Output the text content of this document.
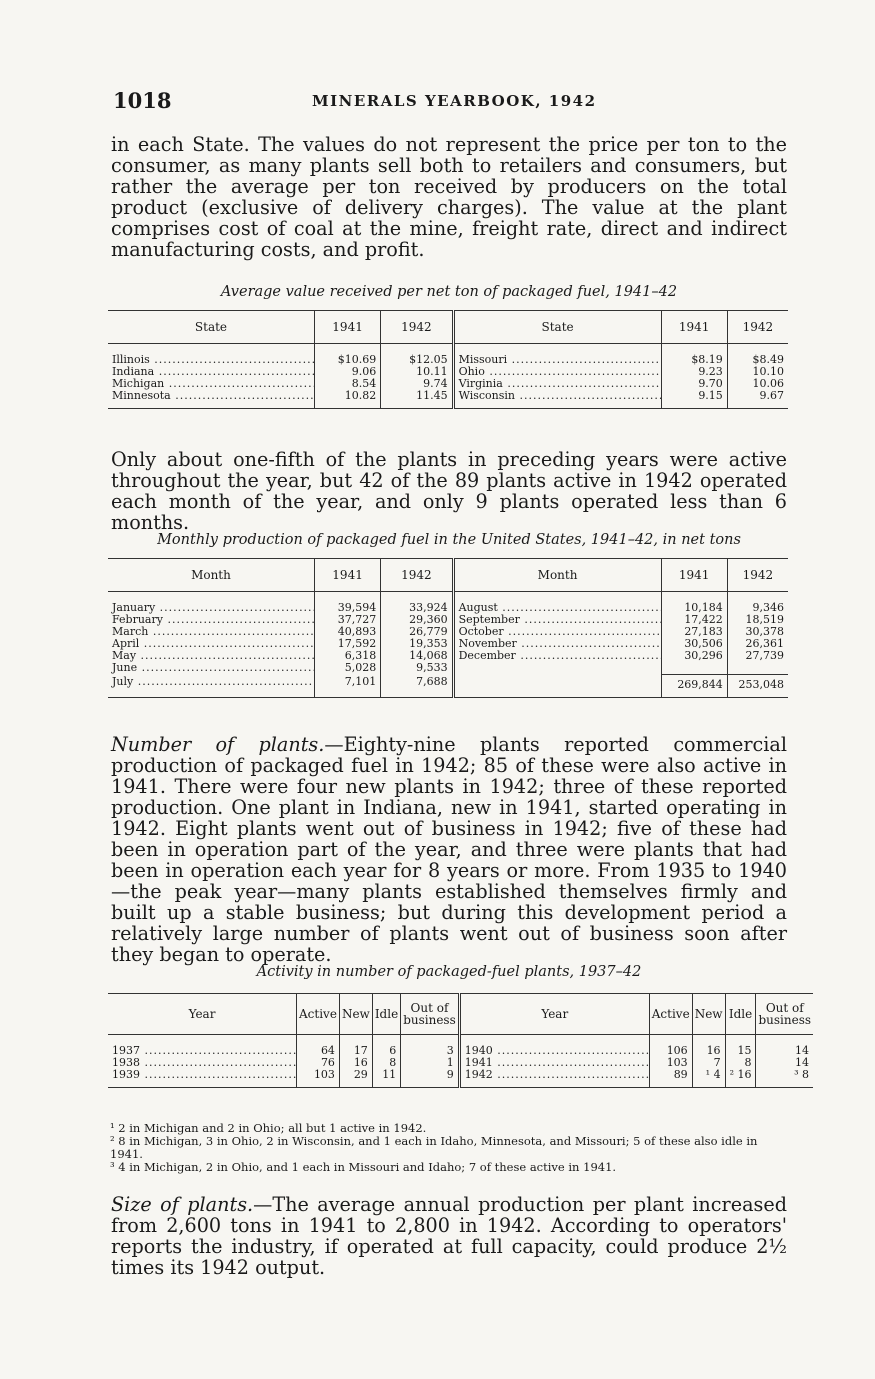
1018	MINERALS YEARBOOK, 1942
in each State. The values do not represent the price per ton to the consumer, as many plants sell both to retailers and consumers, but rather the average per ton received by producers on the total product (exclusive of delivery charges). The value at the plant comprises cost of coal at the mine, freight rate, direct and indirect manufacturing costs, and profit.
Average value received per net ton of packaged fuel, 1941–42
State	1941	1942	State	1941	1942
Illinois .....	$10.69	$12.05	Missouri .....	$8.19	$8.49
Indiana .....	9.06	10.11	Ohio .....	9.23	10.10
Michigan .....	8.54	9.74	Virginia .....	9.70	10.06
Minnesota .....	10.82	11.45	Wisconsin .....	9.15	9.67
Only about one-fifth of the plants in preceding years were active throughout the year, but 42 of the 89 plants active in 1942 operated each month of the year, and only 9 plants operated less than 6 months.
Monthly production of packaged fuel in the United States, 1941–42, in net tons
Month	1941	1942	Month	1941	1942
January .....	39,594	33,924	August .....	10,184	9,346
February .....	37,727	29,360	September .....	17,422	18,519
March .....	40,893	26,779	October .....	27,183	30,378
April .....	17,592	19,353	November .....	30,506	26,361
May .....	6,318	14,068	December .....	30,296	27,739
June .....	5,028	9,533			
July .....	7,101	7,688		269,844	253,048
Number of plants.—Eighty-nine plants reported commercial production of packaged fuel in 1942; 85 of these were also active in 1941. There were four new plants in 1942; three of these reported production. One plant in Indiana, new in 1941, started operating in 1942. Eight plants went out of business in 1942; five of these had been in operation part of the year, and three were plants that had been in operation each year for 8 years or more. From 1935 to 1940—the peak year—many plants established themselves firmly and built up a stable business; but during this development period a relatively large number of plants went out of business soon after they began to operate.
Activity in number of packaged-fuel plants, 1937–42
Year	Active	New	Idle	Out of business	Year	Active	New	Idle	Out of business
1937 .....	64	17	6	3	1940 .....	106	16	15	14
1938 .....	76	16	8	1	1941 .....	103	7	8	14
1939 .....	103	29	11	9	1942 .....	89	¹ 4	² 16	³ 8
¹ 2 in Michigan and 2 in Ohio; all but 1 active in 1942.
² 8 in Michigan, 3 in Ohio, 2 in Wisconsin, and 1 each in Idaho, Minnesota, and Missouri; 5 of these also idle in 1941.
³ 4 in Michigan, 2 in Ohio, and 1 each in Missouri and Idaho; 7 of these active in 1941.
Size of plants.—The average annual production per plant increased from 2,600 tons in 1941 to 2,800 in 1942. According to operators' reports the industry, if operated at full capacity, could produce 2½ times its 1942 output.
